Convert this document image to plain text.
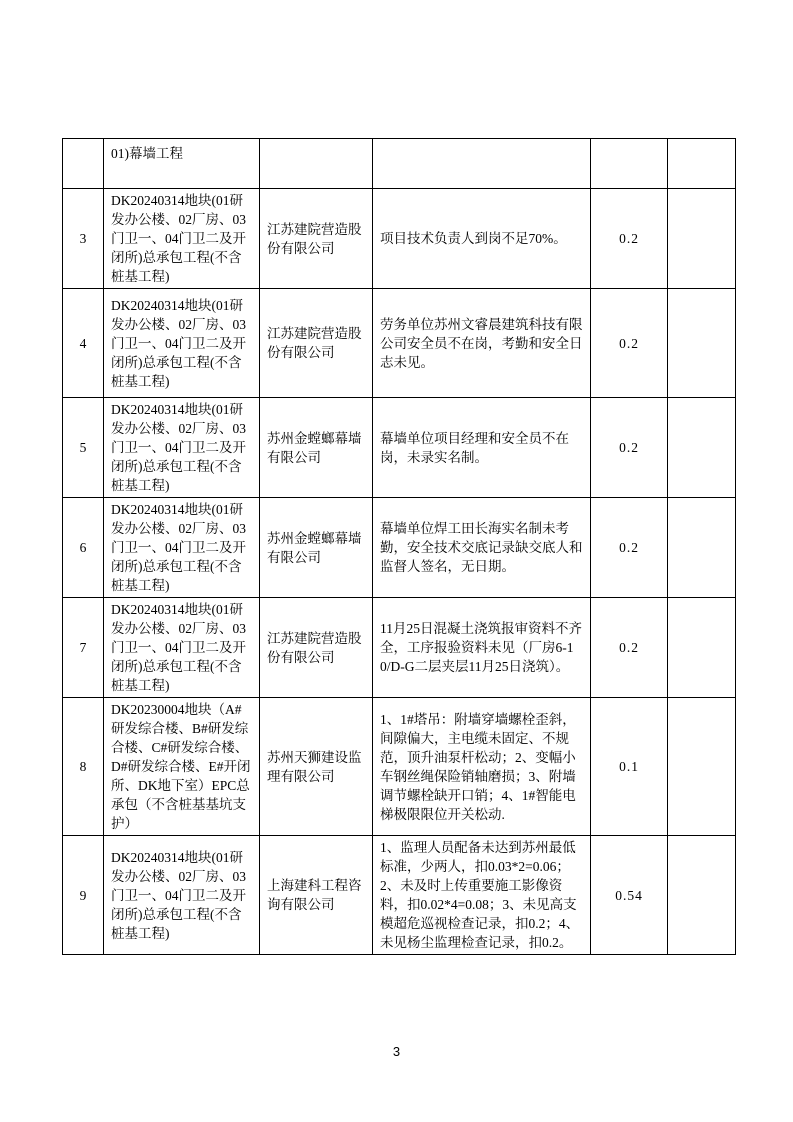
	01)幕墙工程				
3	DK20240314地块(01研发办公楼、02厂房、03门卫一、04门卫二及开闭所)总承包工程(不含桩基工程)	江苏建院营造股份有限公司	项目技术负责人到岗不足70%。	0.2	
4	DK20240314地块(01研发办公楼、02厂房、03门卫一、04门卫二及开闭所)总承包工程(不含桩基工程)	江苏建院营造股份有限公司	劳务单位苏州文睿晨建筑科技有限公司安全员不在岗，考勤和安全日志未见。	0.2	
5	DK20240314地块(01研发办公楼、02厂房、03门卫一、04门卫二及开闭所)总承包工程(不含桩基工程)	苏州金螳螂幕墙有限公司	幕墙单位项目经理和安全员不在岗，未录实名制。	0.2	
6	DK20240314地块(01研发办公楼、02厂房、03门卫一、04门卫二及开闭所)总承包工程(不含桩基工程)	苏州金螳螂幕墙有限公司	幕墙单位焊工田长海实名制未考勤，安全技术交底记录缺交底人和监督人签名，无日期。	0.2	
7	DK20240314地块(01研发办公楼、02厂房、03门卫一、04门卫二及开闭所)总承包工程(不含桩基工程)	江苏建院营造股份有限公司	11月25日混凝土浇筑报审资料不齐全，工序报验资料未见（厂房6-10/D-G二层夹层11月25日浇筑）。	0.2	
8	DK20230004地块（A#研发综合楼、B#研发综合楼、C#研发综合楼、D#研发综合楼、E#开闭所、DK地下室）EPC总承包（不含桩基基坑支护）	苏州天狮建设监理有限公司	1、1#塔吊：附墙穿墙螺栓歪斜，间隙偏大，主电缆未固定、不规范，顶升油泵杆松动；2、变幅小车钢丝绳保险销轴磨损；3、附墙调节螺栓缺开口销；4、1#智能电梯极限限位开关松动.	0.1	
9	DK20240314地块(01研发办公楼、02厂房、03门卫一、04门卫二及开闭所)总承包工程(不含桩基工程)	上海建科工程咨询有限公司	1、监理人员配备未达到苏州最低标准，少两人，扣0.03*2=0.06；2、未及时上传重要施工影像资料，扣0.02*4=0.08；3、未见高支模超危巡视检查记录，扣0.2；4、未见杨尘监理检查记录，扣0.2。	0.54	
3
